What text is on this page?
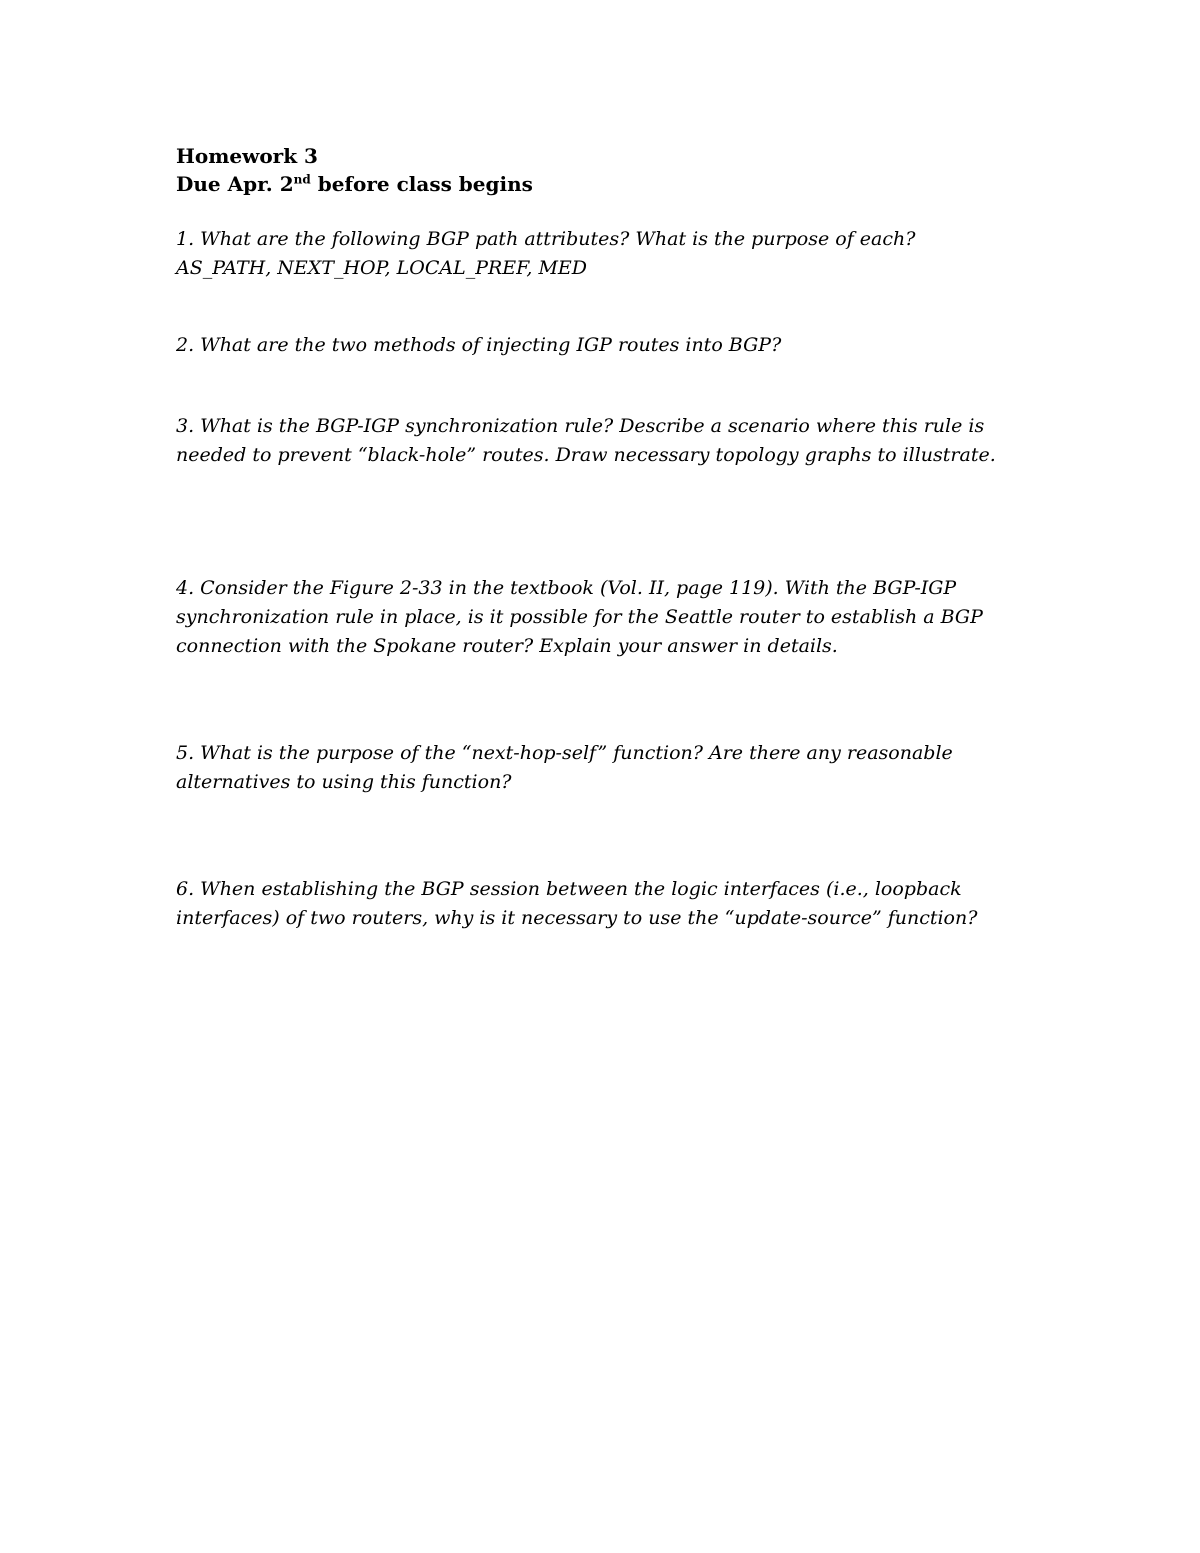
Homework 3

Due Apr. 2nd before class begins

1. What are the following BGP path attributes? What is the purpose of each?
AS_PATH, NEXT_HOP, LOCAL_PREF, MED

2. What are the two methods of injecting IGP routes into BGP?

3. What is the BGP-IGP synchronization rule? Describe a scenario where this rule is
needed to prevent “black-hole” routes. Draw necessary topology graphs to illustrate.

4. Consider the Figure 2-33 in the textbook (Vol. II, page 119). With the BGP-IGP
synchronization rule in place, is it possible for the Seattle router to establish a BGP
connection with the Spokane router? Explain your answer in details.

5. What is the purpose of the “next-hop-self” function? Are there any reasonable
alternatives to using this function?

6. When establishing the BGP session between the logic interfaces (i.e., loopback
interfaces) of two routers, why is it necessary to use the “update-source” function?
